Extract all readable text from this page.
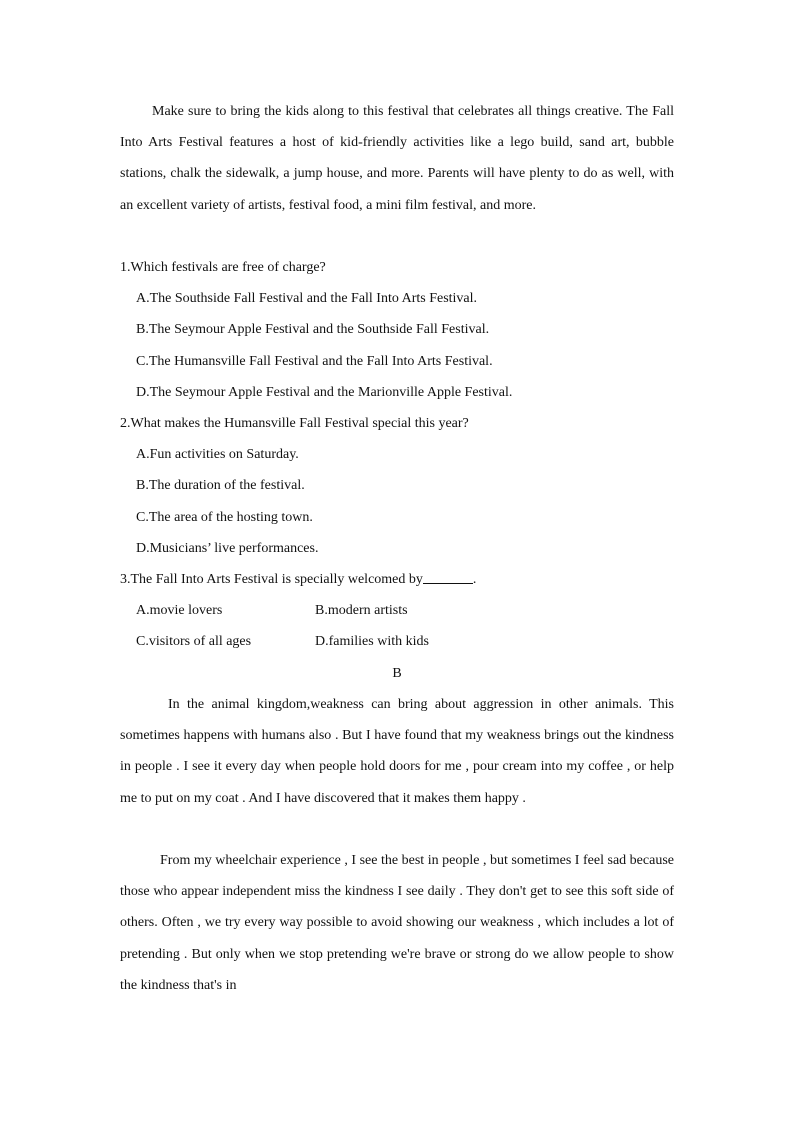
Make sure to bring the kids along to this festival that celebrates all things creative. The Fall Into Arts Festival features a host of kid-friendly activities like a lego build, sand art, bubble stations, chalk the sidewalk, a jump house, and more. Parents will have plenty to do as well, with an excellent variety of artists, festival food, a mini film festival, and more.
1.Which festivals are free of charge?
A.The Southside Fall Festival and the Fall Into Arts Festival.
B.The Seymour Apple Festival and the Southside Fall Festival.
C.The Humansville Fall Festival and the Fall Into Arts Festival.
D.The Seymour Apple Festival and the Marionville Apple Festival.
2.What makes the Humansville Fall Festival special this year?
A.Fun activities on Saturday.
B.The duration of the festival.
C.The area of the hosting town.
D.Musicians’ live performances.
3.The Fall Into Arts Festival is specially welcomed by	.
A.movie lovers	B.modern artists
C.visitors of all ages	D.families with kids
B
In the animal kingdom,weakness can bring about aggression in other animals. This sometimes happens with humans also . But I have found that my weakness brings out the kindness in people . I see it every day when people hold doors for me , pour cream into my coffee , or help me to put on my coat . And I have discovered that it makes them happy .
From my wheelchair experience , I see the best in people , but sometimes I feel sad because those who appear independent miss the kindness I see daily . They don't get to see this soft side of others. Often , we try every way possible to avoid showing our weakness , which includes a lot of pretending . But only when we stop pretending we're brave or strong do we allow people to show the kindness that's in
